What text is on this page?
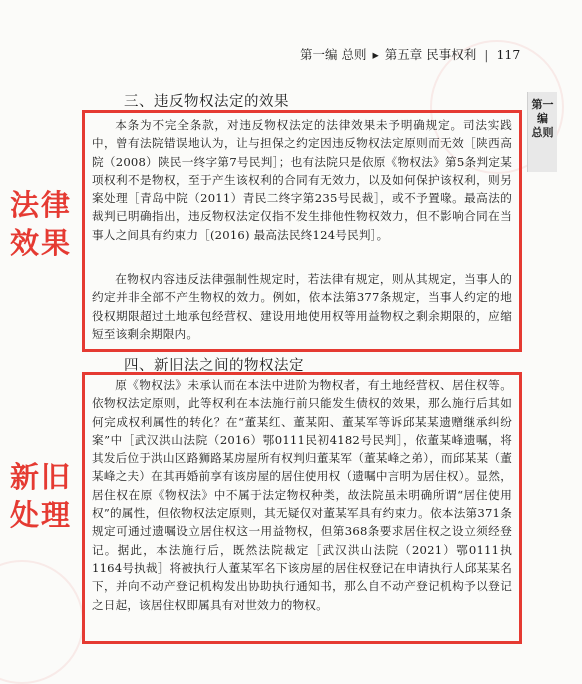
第一编 总则 ▸ 第五章 民事权利 | 117
第一编
总则
三、违反物权法定的效果
本条为不完全条款，对违反物权法定的法律效果未予明确规定。司法实践中，曾有法院错误地认为，让与担保之约定因违反物权法定原则而无效［陕西高院（2008）陕民一终字第7号民判］；也有法院只是依原《物权法》第5条判定某项权利不是物权，至于产生该权利的合同有无效力，以及如何保护该权利，则另案处理［青岛中院（2011）青民二终字第235号民裁］，或不予置喙。最高法的裁判已明确指出，违反物权法定仅指不发生排他性物权效力，但不影响合同在当事人之间具有约束力［(2016) 最高法民终124号民判］。
在物权内容违反法律强制性规定时，若法律有规定，则从其规定，当事人的约定并非全部不产生物权的效力。例如，依本法第377条规定，当事人约定的地役权期限超过土地承包经营权、建设用地使用权等用益物权之剩余期限的，应缩短至该剩余期限内。
四、新旧法之间的物权法定
原《物权法》未承认而在本法中进阶为物权者，有土地经营权、居住权等。依物权法定原则，此等权利在本法施行前只能发生债权的效果，那么施行后其如何完成权利属性的转化？在“董某红、董某阳、董某军等诉邱某某遗赠继承纠纷案”中［武汉洪山法院（2016）鄂0111民初4182号民判］，依董某峰遗嘱，将其发后位于洪山区路狮路某房屋所有权判归董某军（董某峰之弟），而邱某某（董某峰之夫）在其再婚前享有该房屋的居住使用权（遗嘱中言明为居住权）。显然，居住权在原《物权法》中不属于法定物权种类，故法院虽未明确所谓“居住使用权”的属性，但依物权法定原则，其无疑仅对董某军具有约束力。依本法第371条规定可通过遗嘱设立居住权这一用益物权，但第368条要求居住权之设立须经登记。据此，本法施行后，既然法院裁定［武汉洪山法院（2021）鄂0111执1164号执裁］将被执行人董某军名下该房屋的居住权登记在申请执行人邱某某名下，并向不动产登记机构发出协助执行通知书，那么自不动产登记机构予以登记之日起，该居住权即属具有对世效力的物权。
法律
效果
新旧
处理
